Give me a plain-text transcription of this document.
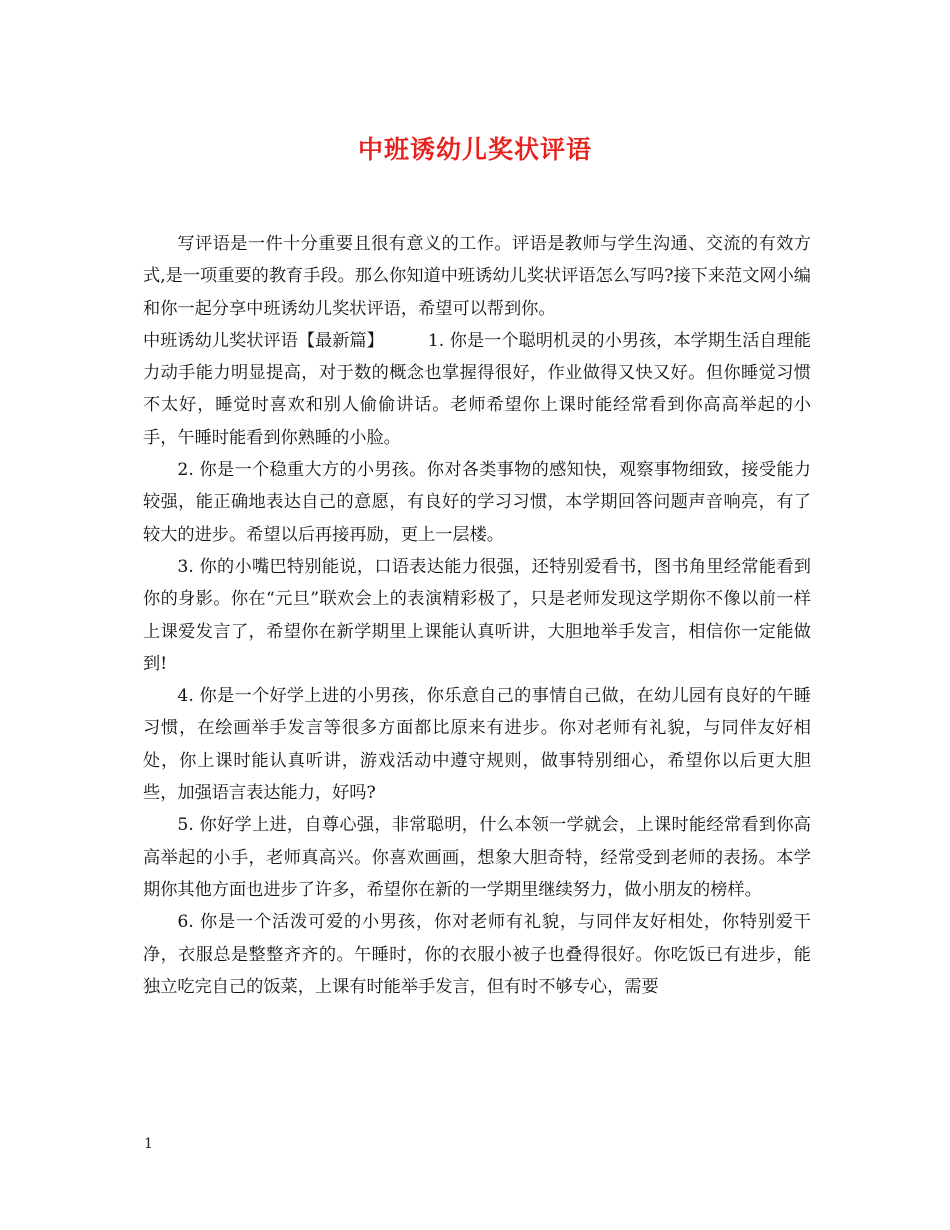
中班诱幼儿奖状评语

写评语是一件十分重要且很有意义的工作。评语是教师与学生沟通、交流的有效方式,是一项重要的教育手段。那么你知道中班诱幼儿奖状评语怎么写吗?接下来范文网小编和你一起分享中班诱幼儿奖状评语，希望可以帮到你。

中班诱幼儿奖状评语【最新篇】	1. 你是一个聪明机灵的小男孩，本学期生活自理能力动手能力明显提高，对于数的概念也掌握得很好，作业做得又快又好。但你睡觉习惯不太好，睡觉时喜欢和别人偷偷讲话。老师希望你上课时能经常看到你高高举起的小手，午睡时能看到你熟睡的小脸。

2. 你是一个稳重大方的小男孩。你对各类事物的感知快，观察事物细致，接受能力较强，能正确地表达自己的意愿，有良好的学习习惯，本学期回答问题声音响亮，有了较大的进步。希望以后再接再励，更上一层楼。

3. 你的小嘴巴特别能说，口语表达能力很强，还特别爱看书，图书角里经常能看到你的身影。你在“元旦”联欢会上的表演精彩极了，只是老师发现这学期你不像以前一样上课爱发言了，希望你在新学期里上课能认真听讲，大胆地举手发言，相信你一定能做到!

4. 你是一个好学上进的小男孩，你乐意自己的事情自己做，在幼儿园有良好的午睡习惯，在绘画举手发言等很多方面都比原来有进步。你对老师有礼貌，与同伴友好相处，你上课时能认真听讲，游戏活动中遵守规则，做事特别细心，希望你以后更大胆些，加强语言表达能力，好吗?

5. 你好学上进，自尊心强，非常聪明，什么本领一学就会，上课时能经常看到你高高举起的小手，老师真高兴。你喜欢画画，想象大胆奇特，经常受到老师的表扬。本学期你其他方面也进步了许多，希望你在新的一学期里继续努力，做小朋友的榜样。

6. 你是一个活泼可爱的小男孩，你对老师有礼貌，与同伴友好相处，你特别爱干净，衣服总是整整齐齐的。午睡时，你的衣服小被子也叠得很好。你吃饭已有进步，能独立吃完自己的饭菜，上课有时能举手发言，但有时不够专心，需要

1
